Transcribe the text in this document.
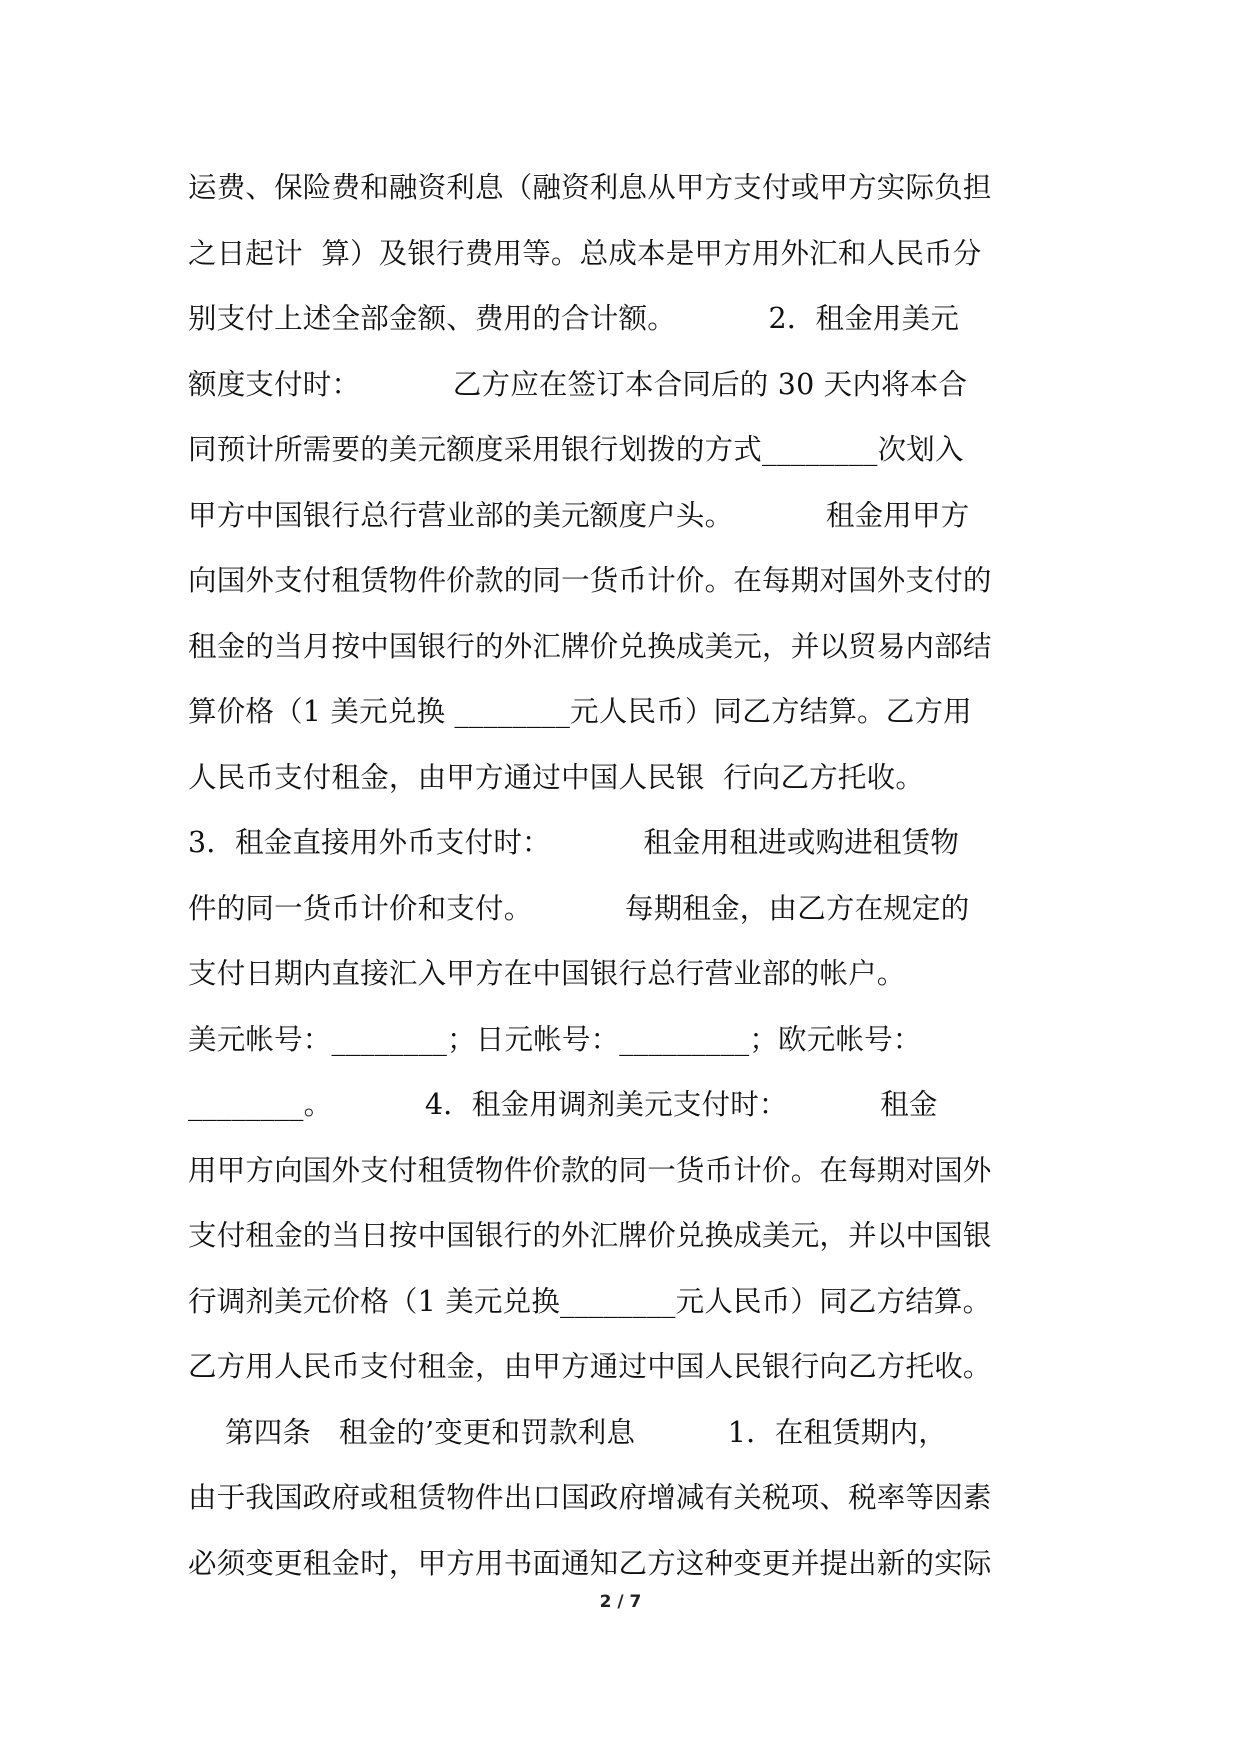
运费、保险费和融资利息（融资利息从甲方支付或甲方实际负担
之日起计  算）及银行费用等。总成本是甲方用外汇和人民币分
别支付上述全部金额、费用的合计额。          2．租金用美元
额度支付时：          乙方应在签订本合同后的 30 天内将本合
同预计所需要的美元额度采用银行划拨的方式________次划入
甲方中国银行总行营业部的美元额度户头。          租金用甲方
向国外支付租赁物件价款的同一货币计价。在每期对国外支付的
租金的当月按中国银行的外汇牌价兑换成美元，并以贸易内部结
算价格（1 美元兑换 ________元人民币）同乙方结算。乙方用
人民币支付租金，由甲方通过中国人民银  行向乙方托收。
3．租金直接用外币支付时：          租金用租进或购进租赁物
件的同一货币计价和支付。          每期租金，由乙方在规定的
支付日期内直接汇入甲方在中国银行总行营业部的帐户。
美元帐号：________；日元帐号：_________；欧元帐号：
________。          4．租金用调剂美元支付时：          租金
用甲方向国外支付租赁物件价款的同一货币计价。在每期对国外
支付租金的当日按中国银行的外汇牌价兑换成美元，并以中国银
行调剂美元价格（1 美元兑换________元人民币）同乙方结算。
乙方用人民币支付租金，由甲方通过中国人民银行向乙方托收。
第四条   租金的’变更和罚款利息          1．在租赁期内，
由于我国政府或租赁物件出口国政府增减有关税项、税率等因素
必须变更租金时，甲方用书面通知乙方这种变更并提出新的实际
2 / 7
